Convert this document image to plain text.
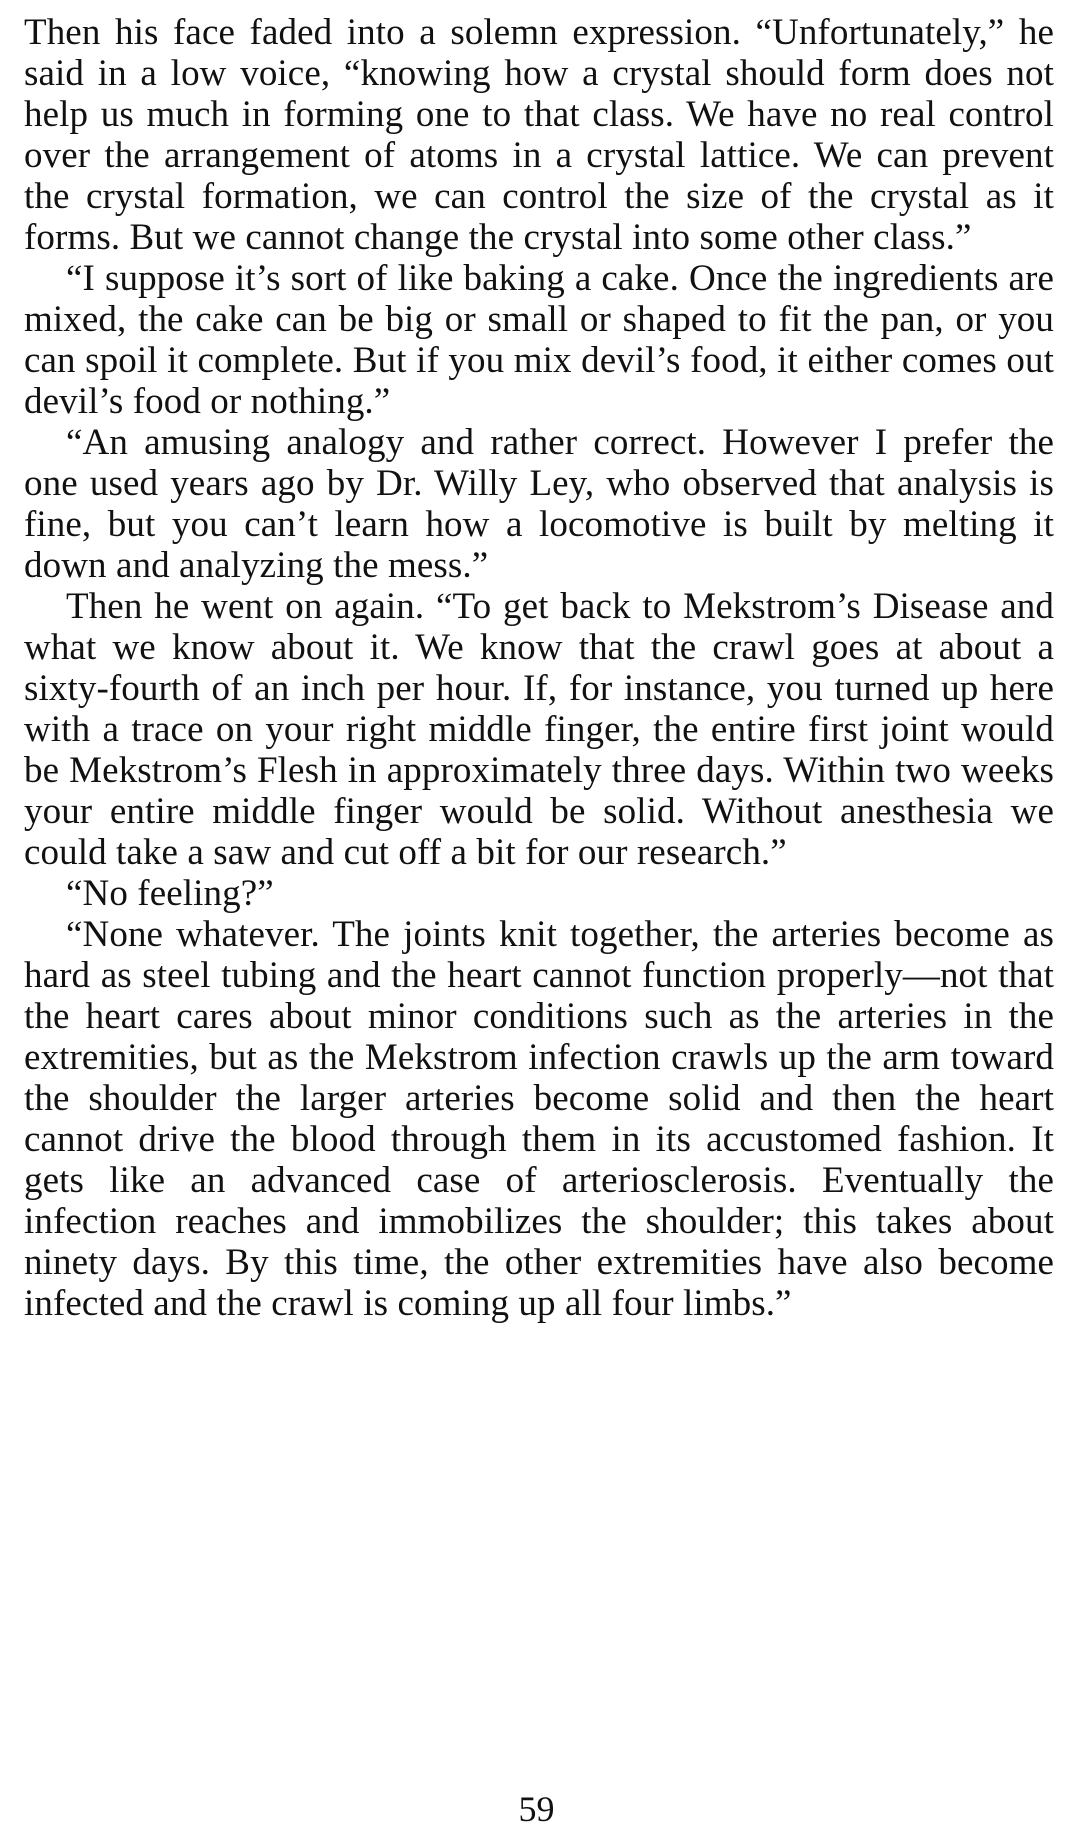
Then his face faded into a solemn expression. “Unfortunately,” he said in a low voice, “knowing how a crystal should form does not help us much in forming one to that class. We have no real control over the arrangement of atoms in a crystal lattice. We can prevent the crystal formation, we can control the size of the crystal as it forms. But we cannot change the crystal into some other class.”

“I suppose it’s sort of like baking a cake. Once the ingredients are mixed, the cake can be big or small or shaped to fit the pan, or you can spoil it complete. But if you mix devil’s food, it either comes out devil’s food or nothing.”

“An amusing analogy and rather correct. However I prefer the one used years ago by Dr. Willy Ley, who observed that analysis is fine, but you can’t learn how a locomotive is built by melting it down and analyzing the mess.”

Then he went on again. “To get back to Mekstrom’s Disease and what we know about it. We know that the crawl goes at about a sixty-fourth of an inch per hour. If, for instance, you turned up here with a trace on your right middle finger, the entire first joint would be Mekstrom’s Flesh in approximately three days. Within two weeks your entire middle finger would be solid. Without anesthesia we could take a saw and cut off a bit for our research.”

“No feeling?”

“None whatever. The joints knit together, the arteries become as hard as steel tubing and the heart cannot function properly—not that the heart cares about minor conditions such as the arteries in the extremities, but as the Mekstrom infection crawls up the arm toward the shoulder the larger arteries become solid and then the heart cannot drive the blood through them in its accustomed fashion. It gets like an advanced case of arteriosclerosis. Eventually the infection reaches and immobilizes the shoulder; this takes about ninety days. By this time, the other extremities have also become infected and the crawl is coming up all four limbs.”

59
